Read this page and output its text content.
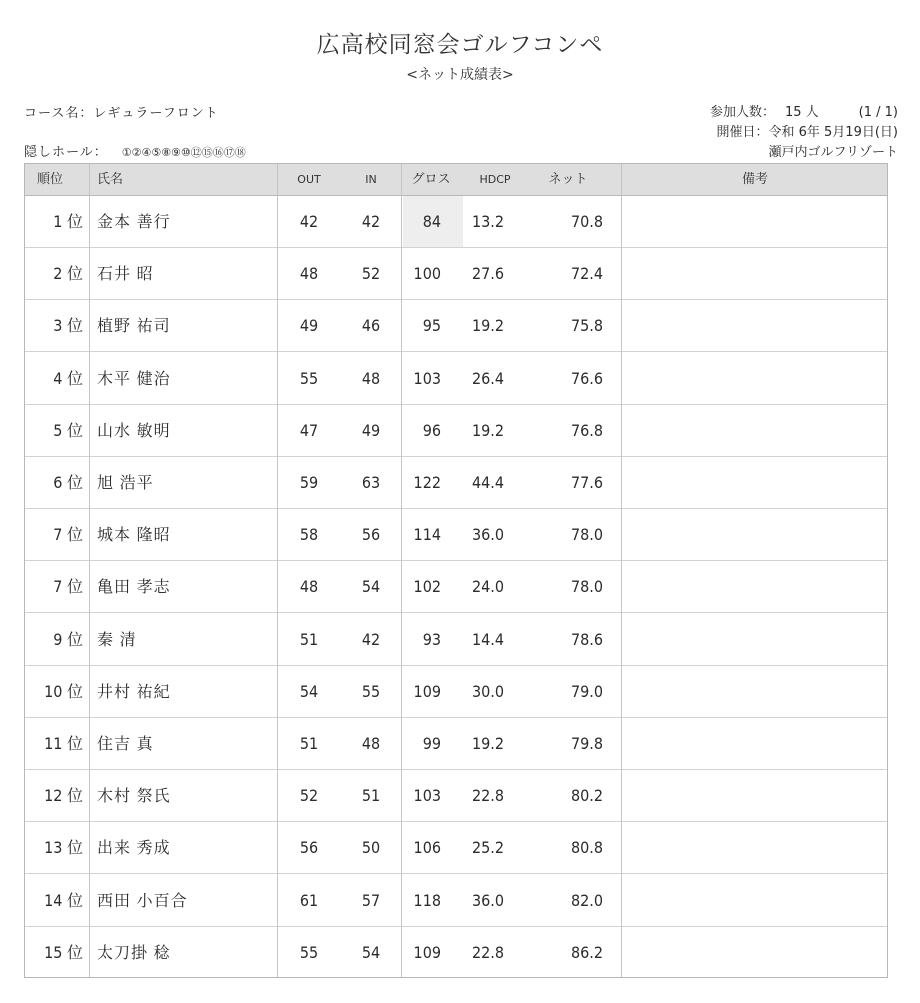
広高校同窓会ゴルフコンペ
<ネット成績表>
コース名：レギュラーフロント
隠しホール： ①②④⑤⑧⑨⑩⑫⑮⑯⑰⑱
参加人数： 15 人	(1 / 1)
開催日：令和 6年 5月19日(日)
瀬戸内ゴルフリゾート
順位	氏名	OUT	IN	グロス	HDCP	ネット	備考
1 位 金本 善行	42	42	84	13.2	70.8
2 位 石井 昭	48	52	100	27.6	72.4
3 位 植野 祐司	49	46	95	19.2	75.8
4 位 木平 健治	55	48	103	26.4	76.6
5 位 山水 敏明	47	49	96	19.2	76.8
6 位 旭 浩平	59	63	122	44.4	77.6
7 位 城本 隆昭	58	56	114	36.0	78.0
7 位 亀田 孝志	48	54	102	24.0	78.0
9 位 秦 清	51	42	93	14.4	78.6
10 位 井村 祐紀	54	55	109	30.0	79.0
11 位 住吉 真	51	48	99	19.2	79.8
12 位 木村 祭氏	52	51	103	22.8	80.2
13 位 出来 秀成	56	50	106	25.2	80.8
14 位 西田 小百合	61	57	118	36.0	82.0
15 位 太刀掛 稔	55	54	109	22.8	86.2
